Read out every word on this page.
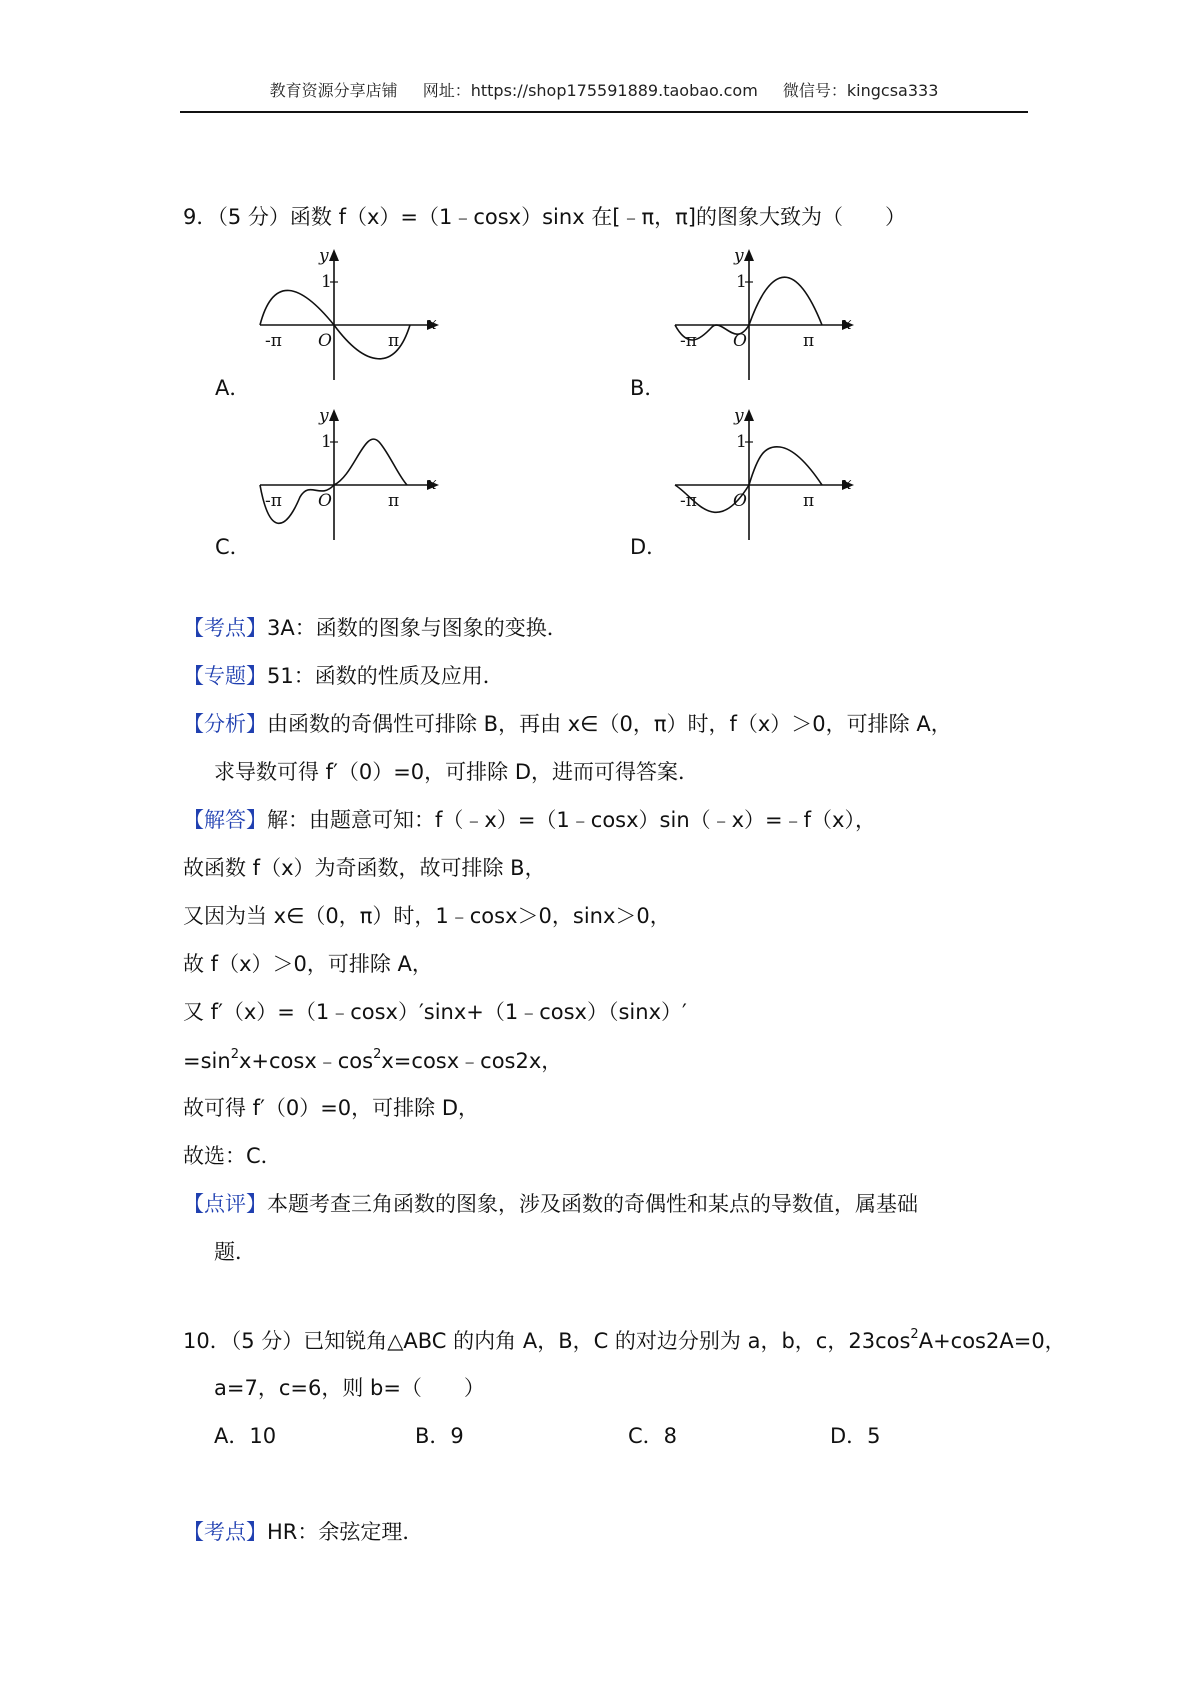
教育资源分享店铺 网址：https://shop175591889.taobao.com 微信号：kingcsa333
9．（5 分）函数 f（x）=（1﹣cosx）sinx 在[﹣π，π]的图象大致为（　　）
y
1
x
-π O	π
A．
y
1
x
-π O	π
B．
y
1
x
-π O	π
C．
y
1
x
-π O	π
D．
【考点】3A：函数的图象与图象的变换．
【专题】51：函数的性质及应用．
【分析】由函数的奇偶性可排除 B，再由 x∈（0，π）时，f（x）＞0，可排除 A，
求导数可得 f′（0）=0，可排除 D，进而可得答案．
【解答】解：由题意可知：f（﹣x）=（1﹣cosx）sin（﹣x）=﹣f（x），
故函数 f（x）为奇函数，故可排除 B，
又因为当 x∈（0，π）时，1﹣cosx＞0，sinx＞0，
故 f（x）＞0，可排除 A，
又 f′（x）=（1﹣cosx）′sinx+（1﹣cosx）（sinx）′
$=\sin^2x+\cos x﹣\cos^2x=\cos x﹣\cos 2x$，
故可得 f′（0）=0，可排除 D，
故选：C．
【点评】本题考查三角函数的图象，涉及函数的奇偶性和某点的导数值，属基础
题．
10．（5 分）已知锐角△ABC 的内角 A，B，C 的对边分别为 a，b，c，$23\cos^2A+\cos 2A=0$，
a=7，c=6，则 b=（　　）
A．10	B．9	C．8	D．5
【考点】HR：余弦定理．
